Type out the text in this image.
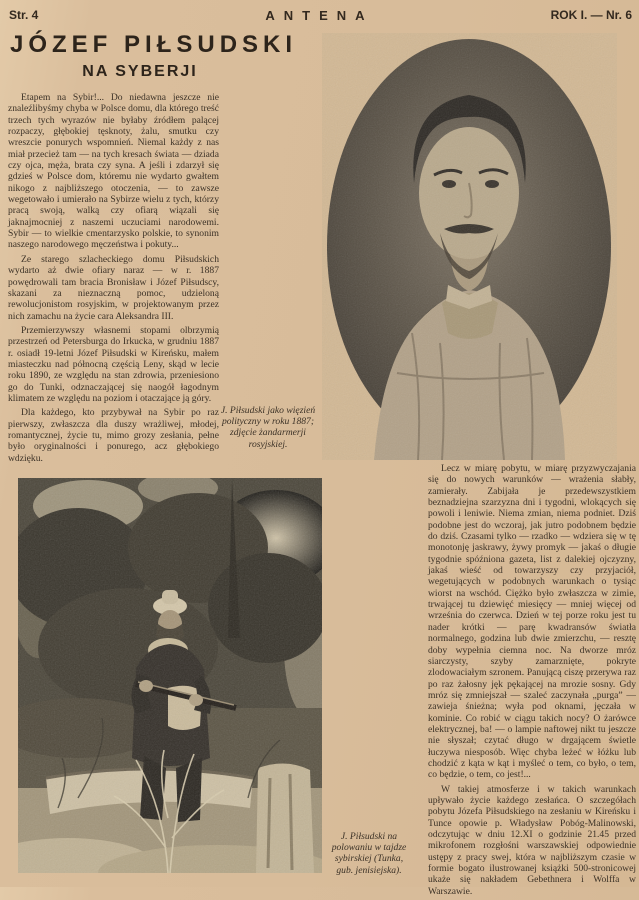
Str. 4	ANTENA	ROK I. — Nr. 6
JÓZEF PIŁSUDSKI
NA SYBERJI

Etapem na Sybir!... Do niedawna jeszcze nie znaleźlibyśmy chyba w Polsce domu, dla którego treść trzech tych wyrazów nie byłaby źródłem palącej rozpaczy, głębokiej tęsknoty, żalu, smutku czy wreszcie ponurych wspomnień. Niemal każdy z nas miał przecież tam — na tych kresach świata — dziada czy ojca, męża, brata czy syna. A jeśli i zdarzył się gdzieś w Polsce dom, któremu nie wydarto gwałtem nikogo z najbliższego otoczenia, — to zawsze wegetowało i umierało na Sybirze wielu z tych, którzy pracą swoją, walką czy ofiarą wiązali się jaknajmocniej z naszemi uczuciami narodowemi. Sybir — to wielkie cmentarzysko polskie, to synonim naszego narodowego męczeństwa i pokuty...

Ze starego szlacheckiego domu Piłsudskich wydarto aż dwie ofiary naraz — w r. 1887 powędrowali tam bracia Bronisław i Józef Piłsudscy, skazani za nieznaczną pomoc, udzieloną rewolucjonistom rosyjskim, w projektowanym przez nich zamachu na życie cara Aleksandra III.

Przemierzywszy własnemi stopami olbrzymią przestrzeń od Petersburga do Irkucka, w grudniu 1887 r. osiadł 19-letni Józef Piłsudski w Kireńsku, małem miasteczku nad północną częścią Leny, skąd w lecie roku 1890, ze względu na stan zdrowia, przeniesiono go do Tunki, odznaczającej się naogół łagodnym klimatem ze względu na poziom i otaczające ją góry.

Dla każdego, kto przybywał na Sybir po raz pierwszy, zwłaszcza dla duszy wrażliwej, młodej, romantycznej, życie tu, mimo grozy zesłania, pełne było oryginalności i ponurego, acz głębokiego wdzięku.

J. Piłsudski jako więzień polityczny w roku 1887; zdjęcie żandarmerji rosyjskiej.
J. Piłsudski na polowaniu w tajdze sybirskiej (Tunka, gub. jenisiejska).

Lecz w miarę pobytu, w miarę przyzwyczajania się do nowych warunków — wrażenia słabły, zamierały. Zabijała je przedewszystkiem beznadziejna szarzyzna dni i tygodni, wlokących się powoli i leniwie. Niema zmian, niema podniet. Dziś podobne jest do wczoraj, jak jutro podobnem będzie do dziś. Czasami tylko — rzadko — wdziera się w tę monotonję jaskrawy, żywy promyk — jakaś o długie tygodnie spóźniona gazeta, list z dalekiej ojczyzny, jakaś wieść od towarzyszy czy przyjaciół, wegetujących w podobnych warunkach o tysiąc wiorst na wschód. Ciężko było zwłaszcza w zimie, trwającej tu dziewięć miesięcy — mniej więcej od września do czerwca. Dzień w tej porze roku jest tu nader krótki — parę kwadransów światła normalnego, godzina lub dwie zmierzchu, — resztę doby wypełnia ciemna noc. Na dworze mróz siarczysty, szyby zamarznięte, pokryte zlodowaciałym szronem. Panującą ciszę przerywa raz po raz żałosny jęk pękającej na mrozie sosny. Gdy mróz się zmniejszał — szaleć zaczynała „purga” — zawieja śnieżna; wyła pod oknami, jęczała w kominie. Co robić w ciągu takich nocy? O żarówce elektrycznej, ba! — o lampie naftowej nikt tu jeszcze nie słyszał; czytać długo w drgającem świetle łuczywa niesposób. Więc chyba leżeć w łóżku lub chodzić z kąta w kąt i myśleć o tem, co było, o tem, co będzie, o tem, co jest!...

W takiej atmosferze i w takich warunkach upływało życie każdego zesłańca. O szczegółach pobytu Józefa Piłsudskiego na zesłaniu w Kireńsku i Tunce opowie p. Władysław Pobóg-Malinowski, odczytując w dniu 12.XI o godzinie 21.45 przed mikrofonem rozgłośni warszawskiej odpowiednie ustępy z pracy swej, która w najbliższym czasie w formie bogato ilustrowanej książki 500-stronicowej ukaże się nakładem Gebethnera i Wolffa w Warszawie.
